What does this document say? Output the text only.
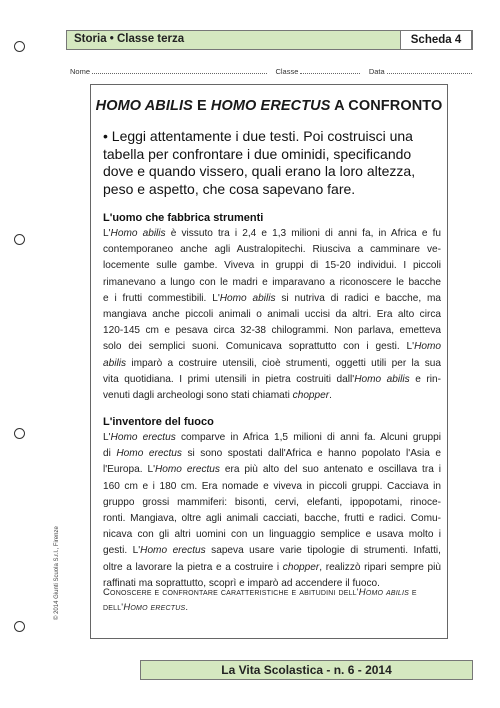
Storia • Classe terza	Scheda 4
Nome	Classe	Data
HOMO ABILIS E HOMO ERECTUS A CONFRONTO
• Leggi attentamente i due testi. Poi costruisci una tabella per confrontare i due ominidi, specificando dove e quando vissero, quali erano la loro altezza, peso e aspetto, che cosa sapevano fare.
L'uomo che fabbrica strumenti
L'Homo abilis è vissuto tra i 2,4 e 1,3 milioni di anni fa, in Africa e fu
contemporaneo anche agli Australopitechi. Riusciva a camminare ve-
locemente sulle gambe. Viveva in gruppi di 15-20 individui. I piccoli
rimanevano a lungo con le madri e imparavano a riconoscere le bacche
e i frutti commestibili. L'Homo abilis si nutriva di radici e bacche, ma
mangiava anche piccoli animali o animali uccisi da altri. Era alto circa
120-145 cm e pesava circa 32-38 chilogrammi. Non parlava, emetteva
solo dei semplici suoni. Comunicava soprattutto con i gesti. L'Homo
abilis imparò a costruire utensili, cioè strumenti, oggetti utili per la sua
vita quotidiana. I primi utensili in pietra costruiti dall'Homo abilis e rin-
venuti dagli archeologi sono stati chiamati chopper.
L'inventore del fuoco
L'Homo erectus comparve in Africa 1,5 milioni di anni fa. Alcuni gruppi
di Homo erectus si sono spostati dall'Africa e hanno popolato l'Asia e
l'Europa. L'Homo erectus era più alto del suo antenato e oscillava tra i
160 cm e i 180 cm. Era nomade e viveva in piccoli gruppi. Cacciava in
gruppo grossi mammiferi: bisonti, cervi, elefanti, ippopotami, rinoce-
ronti. Mangiava, oltre agli animali cacciati, bacche, frutti e radici. Comu-
nicava con gli altri uomini con un linguaggio semplice e usava molto i
gesti. L'Homo erectus sapeva usare varie tipologie di strumenti. Infatti,
oltre a lavorare la pietra e a costruire i chopper, realizzò ripari sempre più
raffinati ma soprattutto, scoprì e imparò ad accendere il fuoco.
Conoscere e confrontare caratteristiche e abitudini dell'Homo abilis e
dell'Homo erectus.
© 2014 Giunti Scuola S.r.l., Firenze
La Vita Scolastica - n. 6 - 2014
